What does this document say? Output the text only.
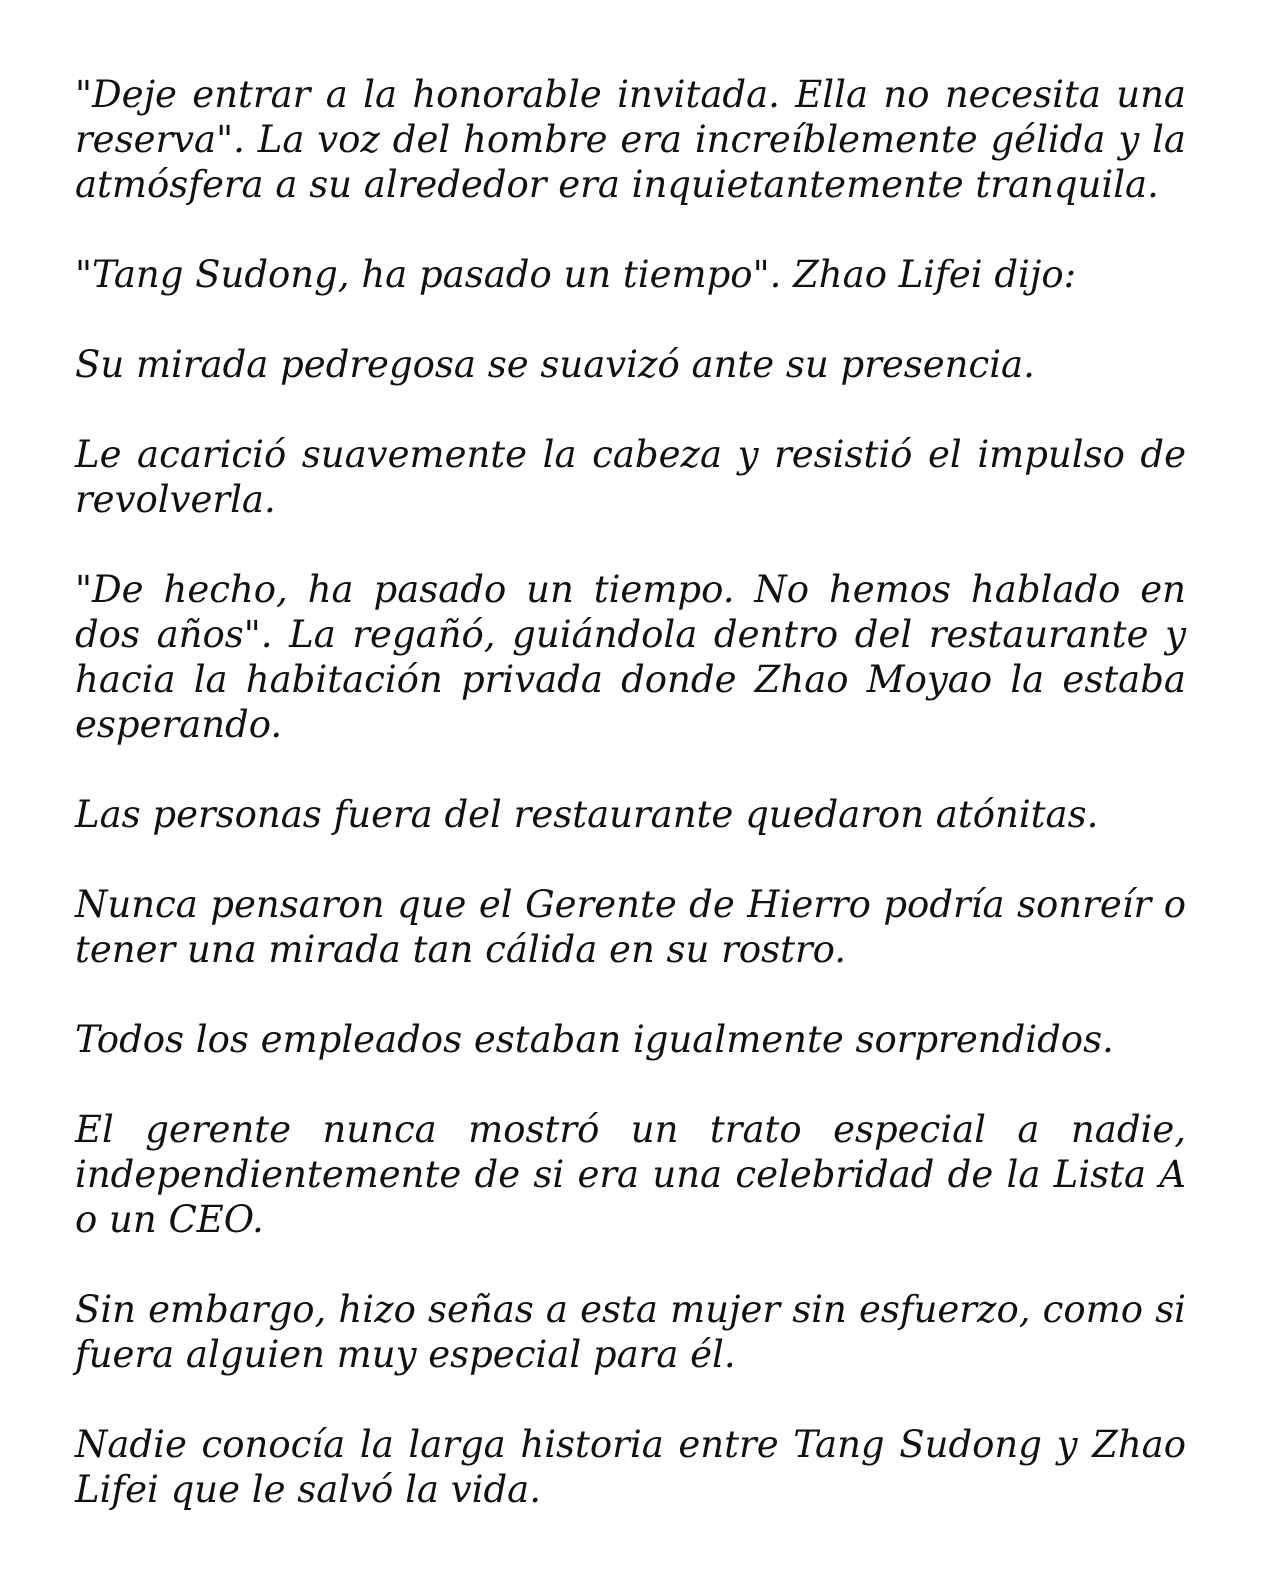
"Deje entrar a la honorable invitada. Ella no necesita una reserva". La voz del hombre era increíblemente gélida y la atmósfera a su alrededor era inquietantemente tranquila.

"Tang Sudong, ha pasado un tiempo". Zhao Lifei dijo:

Su mirada pedregosa se suavizó ante su presencia.

Le acarició suavemente la cabeza y resistió el impulso de revolverla.

"De hecho, ha pasado un tiempo. No hemos hablado en dos años". La regañó, guiándola dentro del restaurante y hacia la habitación privada donde Zhao Moyao la estaba esperando.

Las personas fuera del restaurante quedaron atónitas.

Nunca pensaron que el Gerente de Hierro podría sonreír o tener una mirada tan cálida en su rostro.

Todos los empleados estaban igualmente sorprendidos.

El gerente nunca mostró un trato especial a nadie, independientemente de si era una celebridad de la Lista A o un CEO.

Sin embargo, hizo señas a esta mujer sin esfuerzo, como si fuera alguien muy especial para él.

Nadie conocía la larga historia entre Tang Sudong y Zhao Lifei que le salvó la vida.
